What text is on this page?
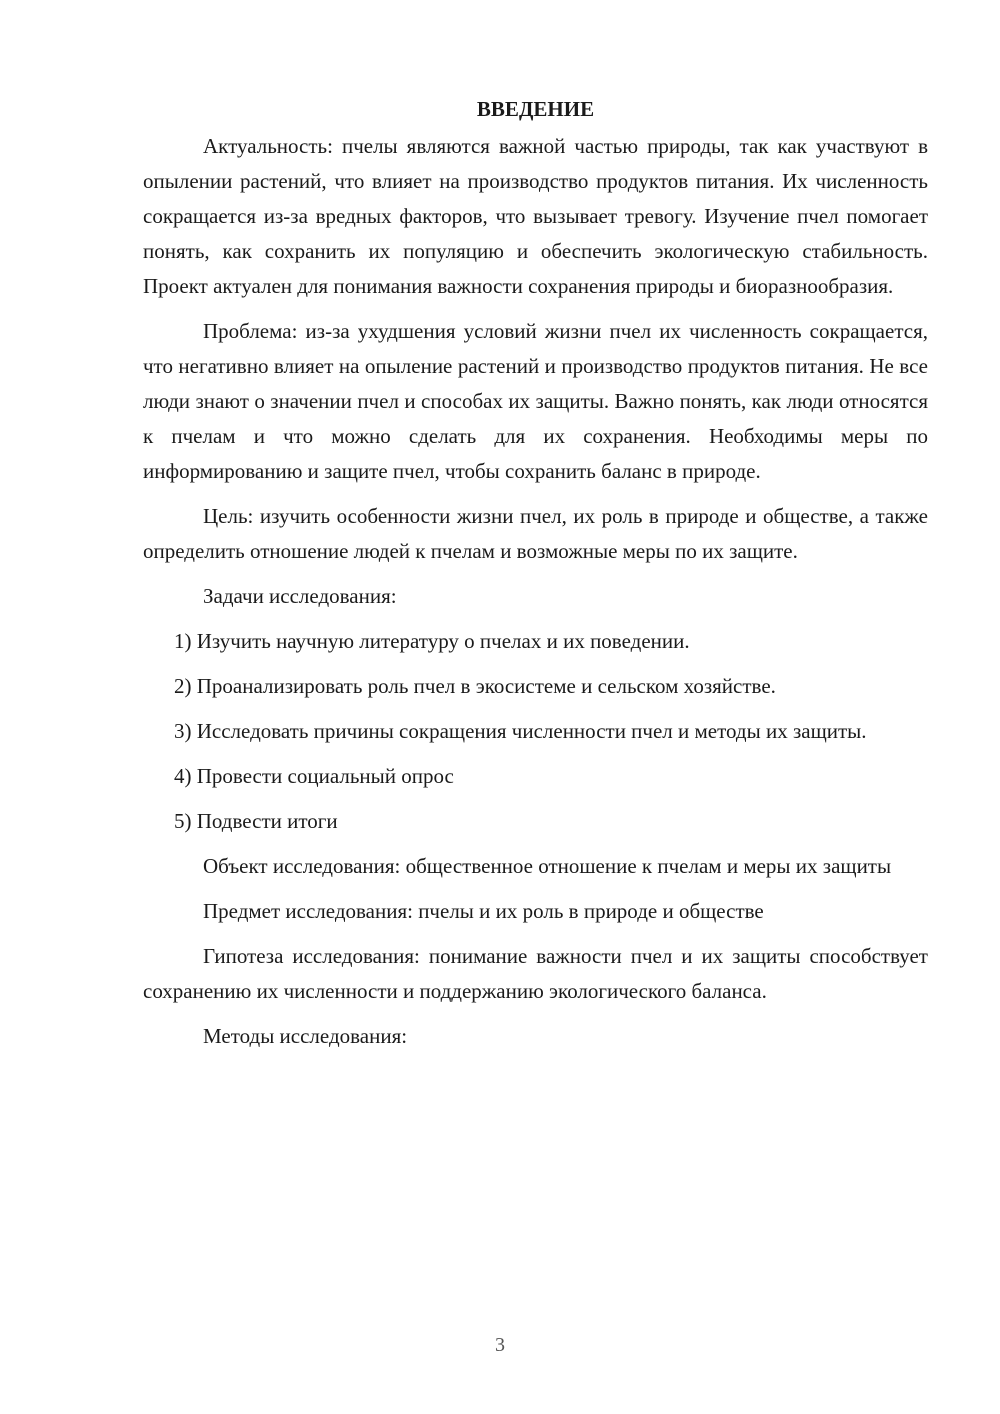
ВВЕДЕНИЕ

Актуальность: пчелы являются важной частью природы, так как участвуют в опылении растений, что влияет на производство продуктов питания. Их численность сокращается из-за вредных факторов, что вызывает тревогу. Изучение пчел помогает понять, как сохранить их популяцию и обеспечить экологическую стабильность. Проект актуален для понимания важности сохранения природы и биоразнообразия.

Проблема: из-за ухудшения условий жизни пчел их численность сокращается, что негативно влияет на опыление растений и производство продуктов питания. Не все люди знают о значении пчел и способах их защиты. Важно понять, как люди относятся к пчелам и что можно сделать для их сохранения. Необходимы меры по информированию и защите пчел, чтобы сохранить баланс в природе.

Цель: изучить особенности жизни пчел, их роль в природе и обществе, а также определить отношение людей к пчелам и возможные меры по их защите.

Задачи исследования:

1) Изучить научную литературу о пчелах и их поведении.

2) Проанализировать роль пчел в экосистеме и сельском хозяйстве.

3) Исследовать причины сокращения численности пчел и методы их защиты.

4) Провести социальный опрос

5) Подвести итоги

Объект исследования: общественное отношение к пчелам и меры их защиты

Предмет исследования: пчелы и их роль в природе и обществе

Гипотеза исследования: понимание важности пчел и их защиты способствует сохранению их численности и поддержанию экологического баланса.

Методы исследования:

3
